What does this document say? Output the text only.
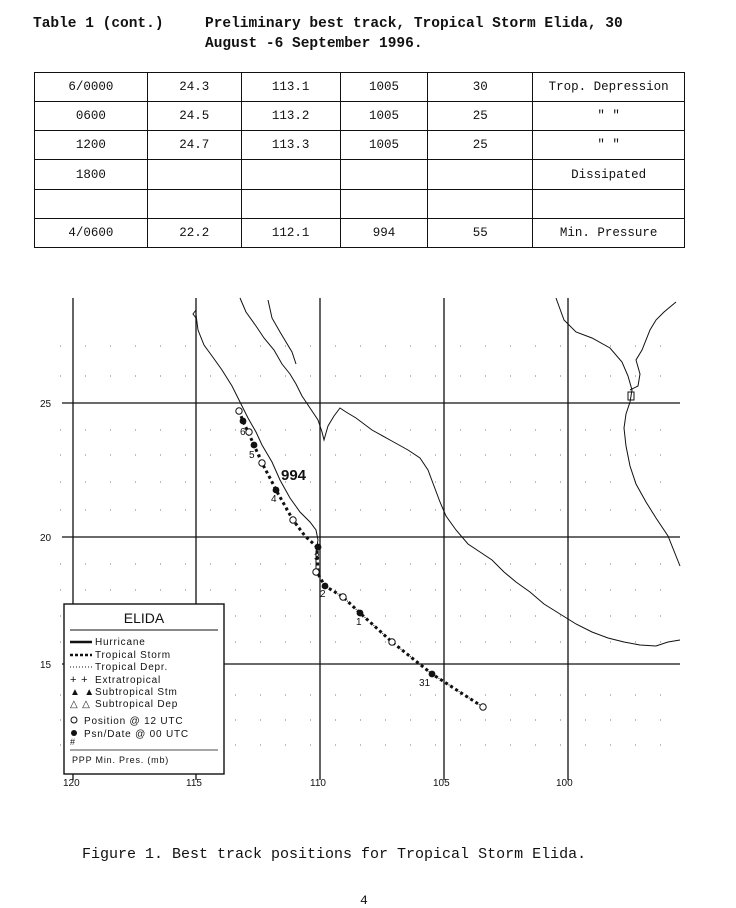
Table 1 (cont.)	Preliminary best track, Tropical Storm Elida, 30
August -6 September 1996.
6/0000	24.3	113.1	1005	30	Trop. Depression
0600	24.5	113.2	1005	25	" "
1200	24.7	113.3	1005	25	" "
1800					Dissipated

4/0600	22.2	112.1	994	55	Min. Pressure
120	115	110	105	100
25
20
15
6
5
4
3
2
1
31
994
ELIDA
Hurricane
Tropical Storm
Tropical Depr.
+ + Extratropical
▲ ▲ Subtropical Stm
△ △ Subtropical Dep
Position @ 12 UTC
Psn/Date @ 00 UTC
#
PPP Min. Pres. (mb)
Figure 1. Best track positions for Tropical Storm Elida.
4
